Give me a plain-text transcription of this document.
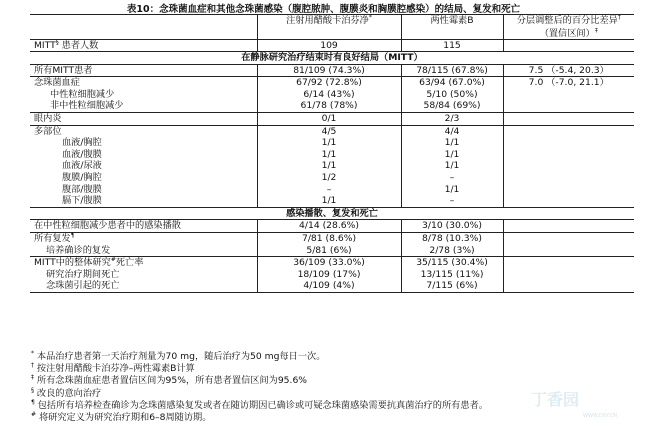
表10：念珠菌血症和其他念珠菌感染（腹腔脓肿、腹膜炎和胸膜腔感染）的结局、复发和死亡
	注射用醋酸卡泊芬净*	两性霉素B	分层调整后的百分比差异†
			（置信区间）‡
MITT§ 患者人数	109	115	
在静脉研究治疗结束时有良好结局（MITT）			
所有MITT患者	81/109 (74.3%)	78/115 (67.8%)	7.5 （-5.4, 20.3）
念珠菌血症	67/92 (72.8%)	63/94 (67.0%)	7.0 （-7.0, 21.1）
中性粒细胞减少	6/14 (43%)	5/10 (50%)	
非中性粒细胞减少	61/78 (78%)	58/84 (69%)	
眼内炎	0/1	2/3	
多部位	4/5	4/4	
血液/胸腔	1/1	1/1	
血液/腹膜	1/1	1/1	
血液/尿液	1/1	1/1	
腹膜/胸腔	1/2	–	
腹部/腹膜	–	1/1	
膈下/腹膜	1/1	–	
感染播散、复发和死亡			
在中性粒细胞减少患者中的感染播散	4/14 (28.6%)	3/10 (30.0%)	
所有复发¶	7/81 (8.6%)	8/78 (10.3%)	
培养确诊的复发	5/81 (6%)	2/78 (3%)	
MITT中的整体研究#死亡率	36/109 (33.0%)	35/115 (30.4%)	
研究治疗期间死亡	18/109 (17%)	13/115 (11%)	
念珠菌引起的死亡	4/109 (4%)	7/115 (6%)	
* 本品治疗患者第一天治疗剂量为70 mg，随后治疗为50 mg每日一次。
† 按注射用醋酸卡泊芬净–两性霉素B计算
‡ 所有念珠菌血症患者置信区间为95%，所有患者置信区间为95.6%
§ 改良的意向治疗
¶ 包括所有培养检查确诊为念珠菌感染复发或者在随访期因已确诊或可疑念珠菌感染需要抗真菌治疗的所有患者。
# 将研究定义为研究治疗期和6–8周随访期。
丁香园
WWW.DXY.CN
